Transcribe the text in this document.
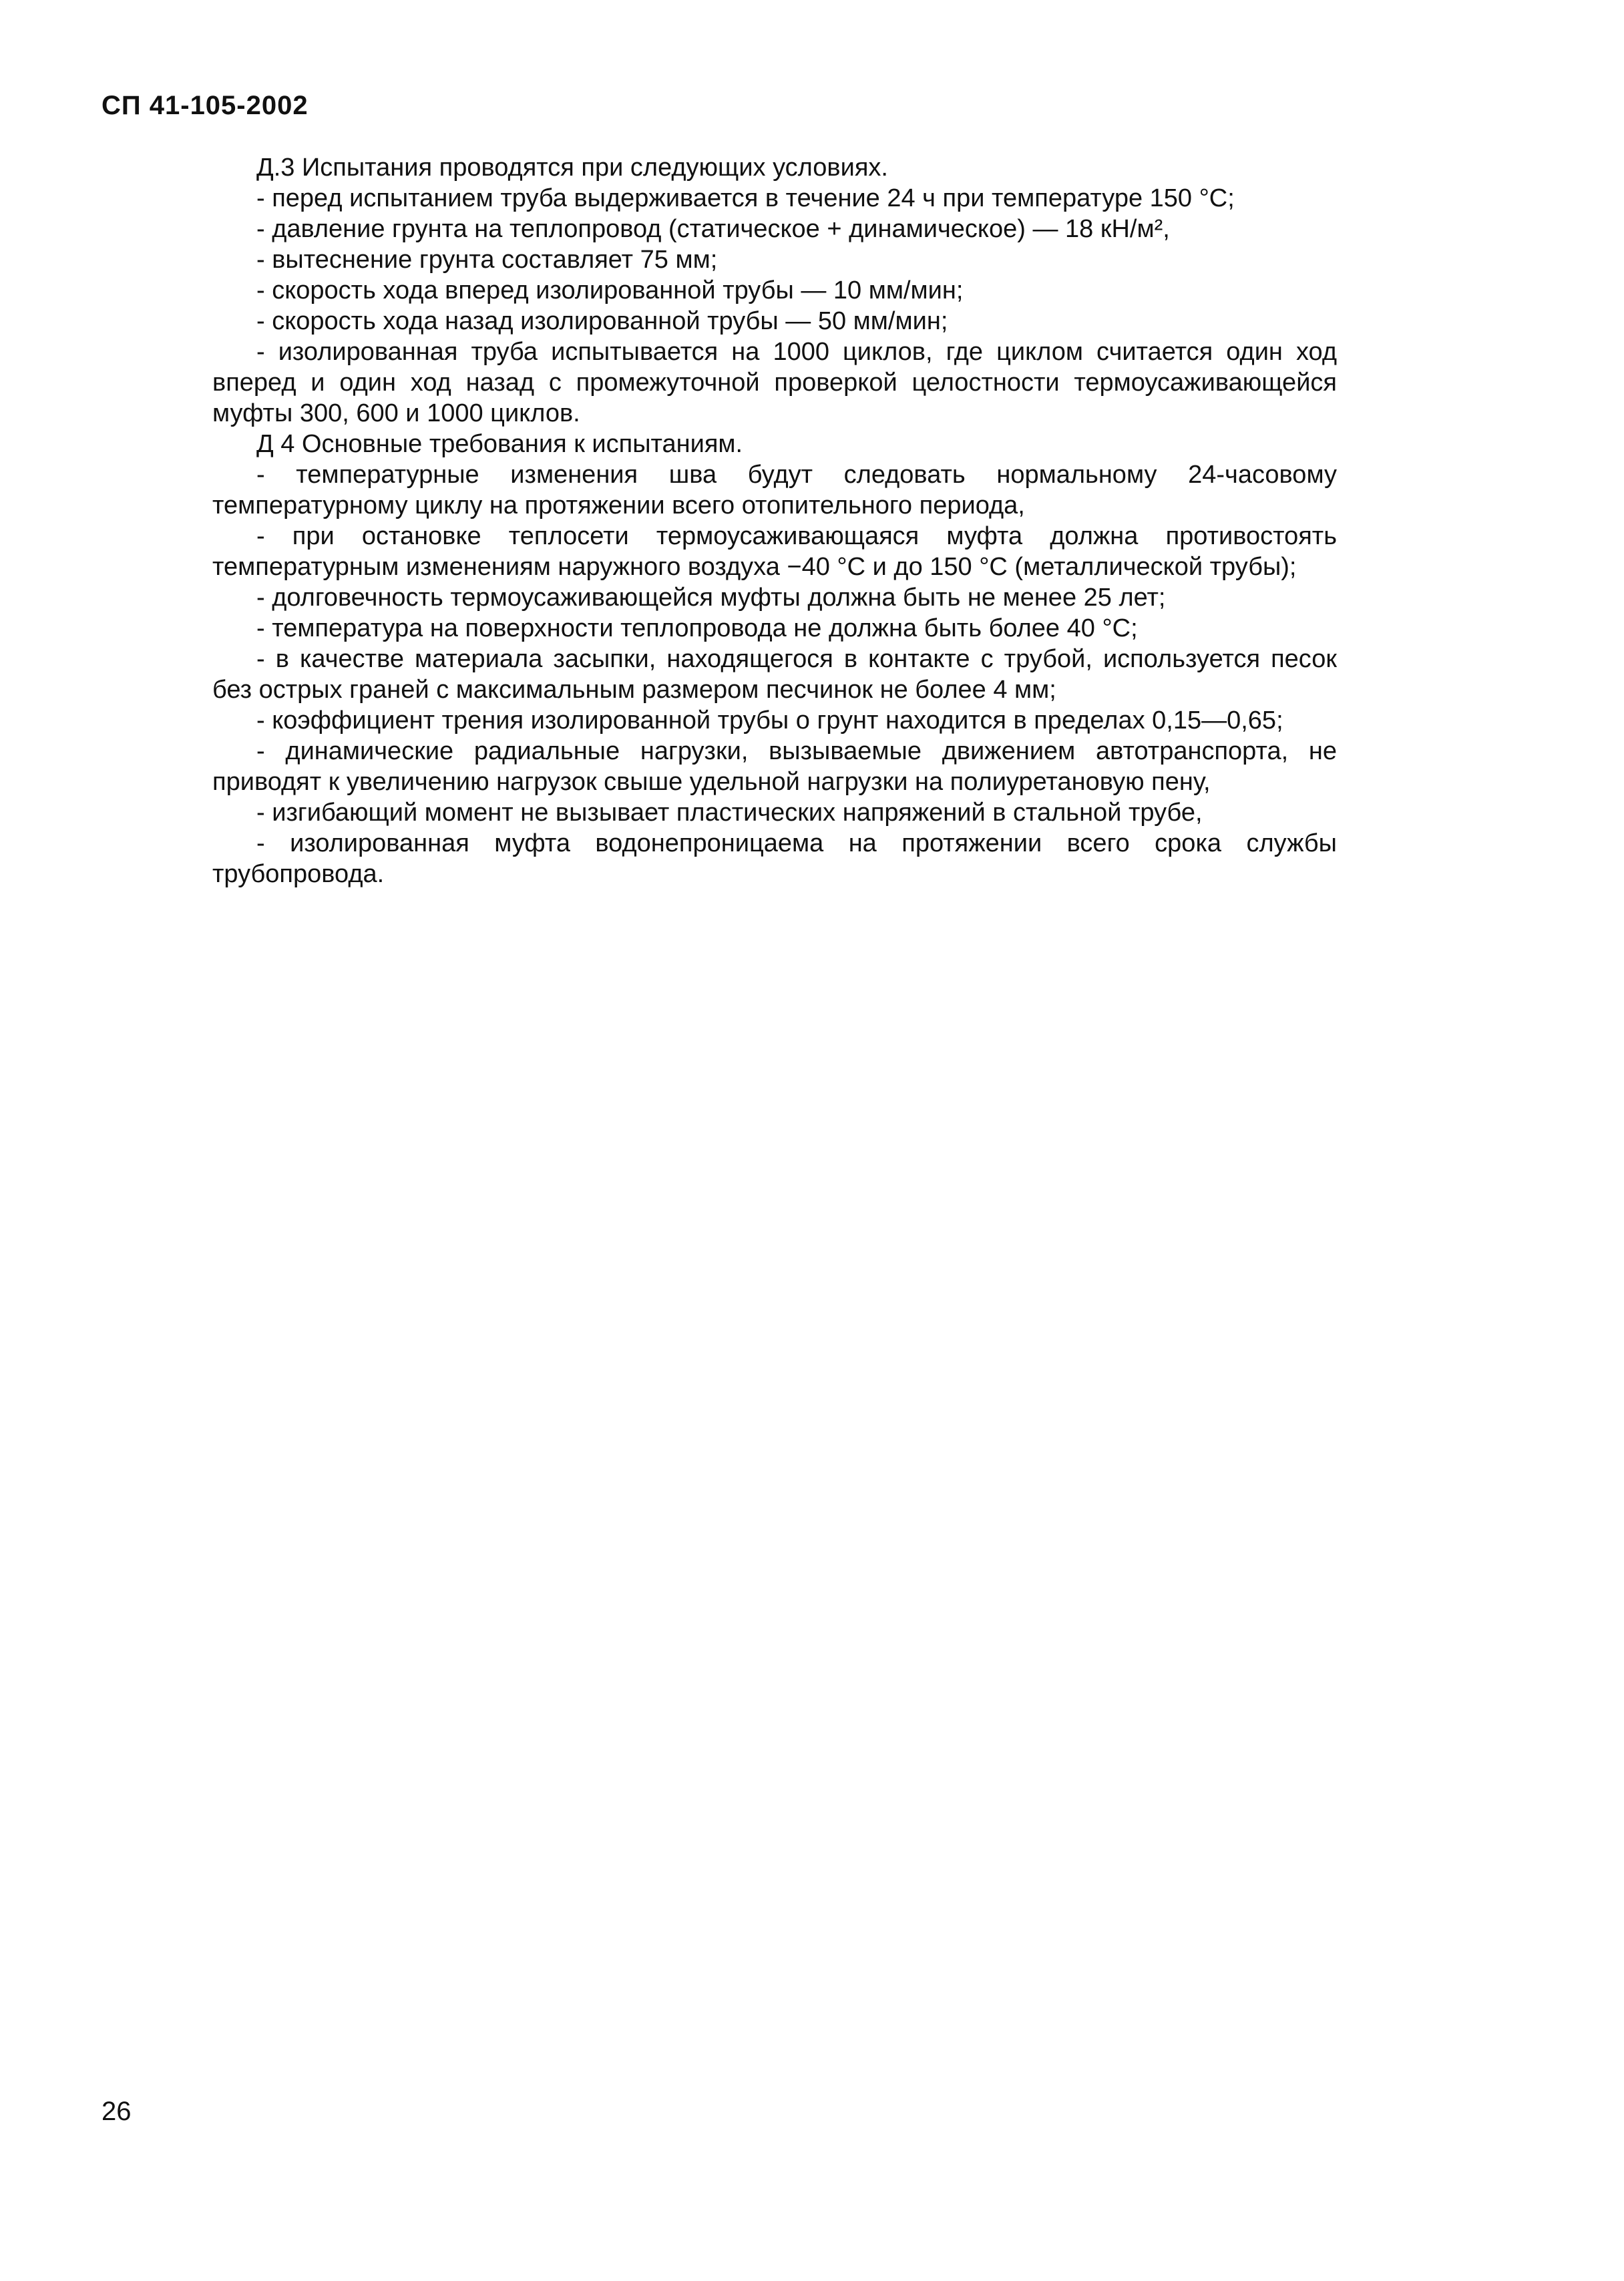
СП 41-105-2002

Д.3 Испытания проводятся при следующих условиях.

- перед испытанием труба выдерживается в течение 24 ч при температуре 150 °С;

- давление грунта на теплопровод (статическое + динамическое) — 18 кН/м²,

- вытеснение грунта составляет 75 мм;

- скорость хода вперед изолированной трубы — 10 мм/мин;

- скорость хода назад изолированной трубы — 50 мм/мин;

- изолированная труба испытывается на 1000 циклов, где циклом считается один ход вперед и один ход назад с промежуточной проверкой целостности термоусаживающейся муфты 300, 600 и 1000 циклов.

Д 4 Основные требования к испытаниям.

- температурные изменения шва будут следовать нормальному 24-часовому температурному циклу на протяжении всего отопительного периода,

- при остановке теплосети термоусаживающаяся муфта должна противостоять температурным изменениям наружного воздуха −40 °С и до 150 °С (металлической трубы);

- долговечность термоусаживающейся муфты должна быть не менее 25 лет;

- температура на поверхности теплопровода не должна быть более 40 °С;

- в качестве материала засыпки, находящегося в контакте с трубой, используется песок без острых граней с максимальным размером песчинок не более 4 мм;

- коэффициент трения изолированной трубы о грунт находится в пределах 0,15—0,65;

- динамические радиальные нагрузки, вызываемые движением автотранспорта, не приводят к увеличению нагрузок свыше удельной нагрузки на полиуретановую пену,

- изгибающий момент не вызывает пластических напряжений в стальной трубе,

- изолированная муфта водонепроницаема на протяжении всего срока службы трубопровода.

26
